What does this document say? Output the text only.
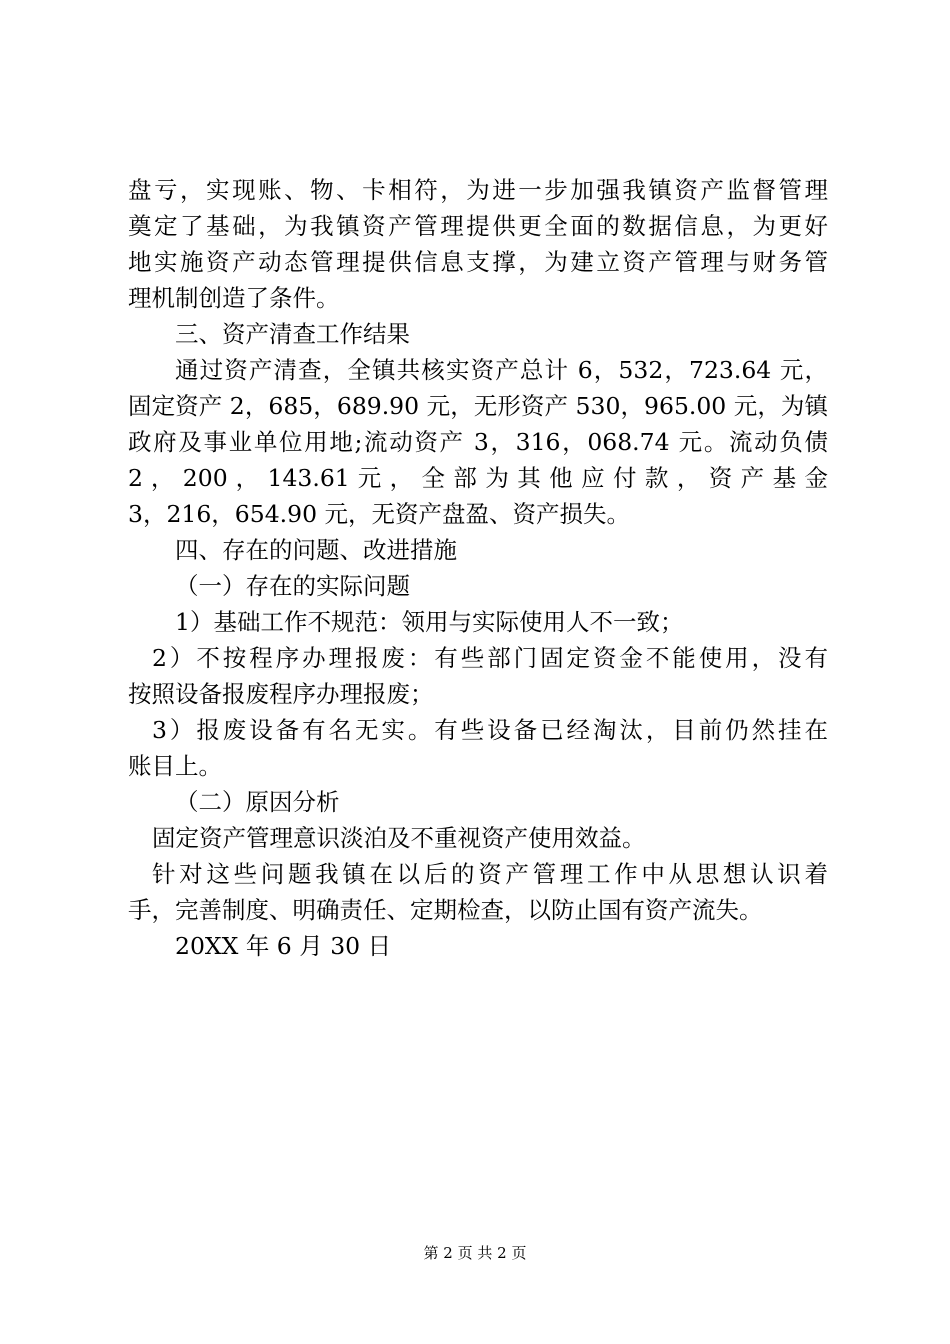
盘亏，实现账、物、卡相符，为进一步加强我镇资产监督管理
奠定了基础，为我镇资产管理提供更全面的数据信息，为更好
地实施资产动态管理提供信息支撑，为建立资产管理与财务管
理机制创造了条件。
三、资产清查工作结果
通过资产清查，全镇共核实资产总计 6，532，723.64 元，
固定资产 2，685，689.90 元，无形资产 530，965.00 元，为镇
政府及事业单位用地;流动资产 3，316，068.74 元。流动负债
2 ， 200 ， 143.61 元 ， 全 部 为 其 他 应 付 款 ， 资 产 基 金
3，216，654.90 元，无资产盘盈、资产损失。
四、存在的问题、改进措施
（一）存在的实际问题
1）基础工作不规范：领用与实际使用人不一致；
2）不按程序办理报废：有些部门固定资金不能使用，没有
按照设备报废程序办理报废；
3）报废设备有名无实。有些设备已经淘汰，目前仍然挂在
账目上。
（二）原因分析
固定资产管理意识淡泊及不重视资产使用效益。
针对这些问题我镇在以后的资产管理工作中从思想认识着
手，完善制度、明确责任、定期检查，以防止国有资产流失。
20XX 年 6 月 30 日
第 2 页 共 2 页
